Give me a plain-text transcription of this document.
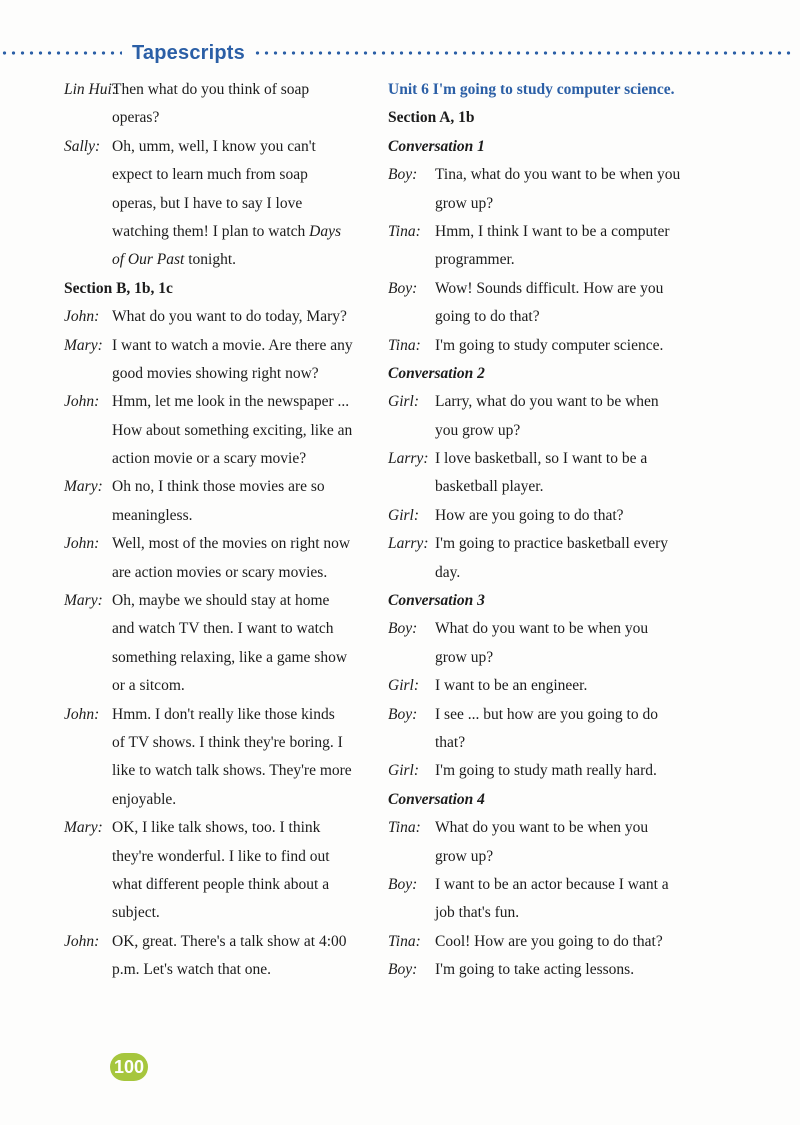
Tapescripts
Lin Hui:Then what do you think of soap
operas?
Sally: Oh, umm, well, I know you can't
expect to learn much from soap
operas, but I have to say I love
watching them! I plan to watch Days
of Our Past tonight.
Section B, 1b, 1c
John: What do you want to do today, Mary?
Mary: I want to watch a movie. Are there any
good movies showing right now?
John: Hmm, let me look in the newspaper ...
How about something exciting, like an
action movie or a scary movie?
Mary: Oh no, I think those movies are so
meaningless.
John: Well, most of the movies on right now
are action movies or scary movies.
Mary: Oh, maybe we should stay at home
and watch TV then. I want to watch
something relaxing, like a game show
or a sitcom.
John: Hmm. I don't really like those kinds
of TV shows. I think they're boring. I
like to watch talk shows. They're more
enjoyable.
Mary: OK, I like talk shows, too. I think
they're wonderful. I like to find out
what different people think about a
subject.
John: OK, great. There's a talk show at 4:00
p.m. Let's watch that one.
Unit 6 I'm going to study computer science.
Section A, 1b
Conversation 1
Boy: Tina, what do you want to be when you
grow up?
Tina: Hmm, I think I want to be a computer
programmer.
Boy: Wow! Sounds difficult. How are you
going to do that?
Tina: I'm going to study computer science.
Conversation 2
Girl: Larry, what do you want to be when
you grow up?
Larry: I love basketball, so I want to be a
basketball player.
Girl: How are you going to do that?
Larry: I'm going to practice basketball every
day.
Conversation 3
Boy: What do you want to be when you
grow up?
Girl: I want to be an engineer.
Boy: I see ... but how are you going to do
that?
Girl: I'm going to study math really hard.
Conversation 4
Tina: What do you want to be when you
grow up?
Boy: I want to be an actor because I want a
job that's fun.
Tina: Cool! How are you going to do that?
Boy: I'm going to take acting lessons.
100
